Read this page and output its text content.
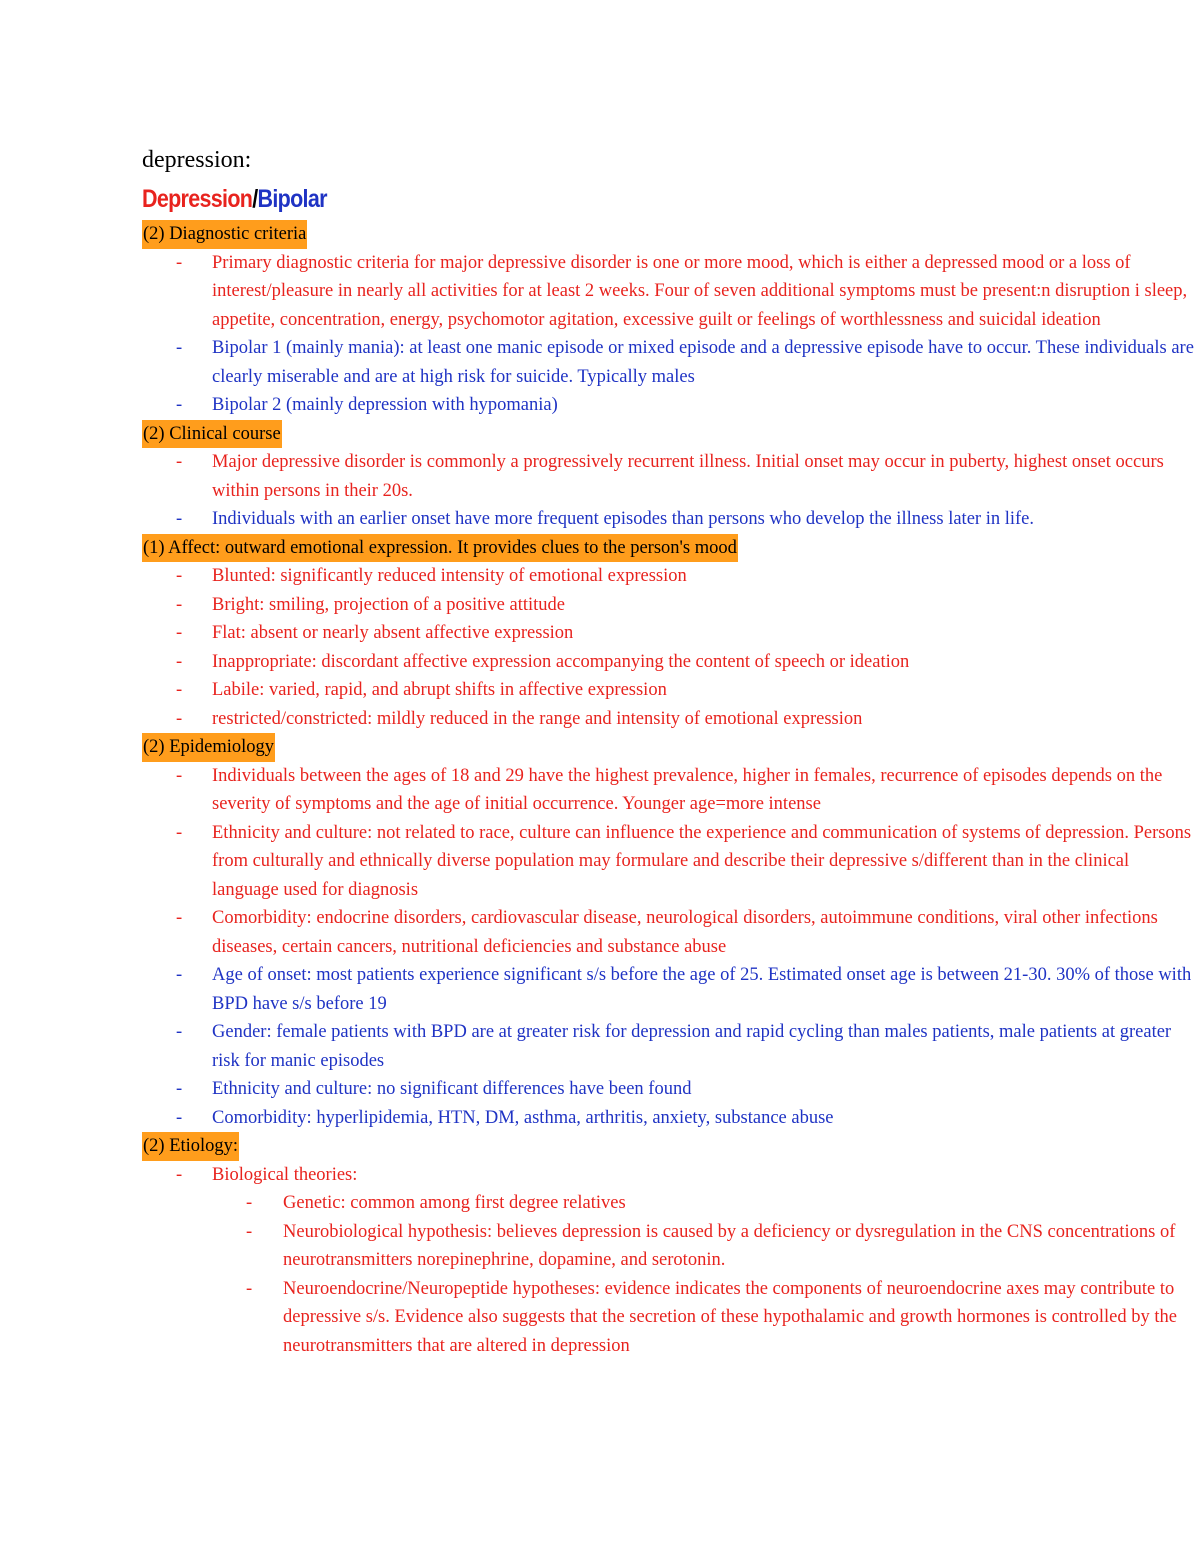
depression:
Depression/Bipolar
(2) Diagnostic criteria
- Primary diagnostic criteria for major depressive disorder is one or more mood, which is either a depressed mood or a loss of interest/pleasure in nearly all activities for at least 2 weeks. Four of seven additional symptoms must be present:n disruption i sleep, appetite, concentration, energy, psychomotor agitation, excessive guilt or feelings of worthlessness and suicidal ideation
- Bipolar 1 (mainly mania): at least one manic episode or mixed episode and a depressive episode have to occur. These individuals are clearly miserable and are at high risk for suicide. Typically males
- Bipolar 2 (mainly depression with hypomania)
(2) Clinical course
- Major depressive disorder is commonly a progressively recurrent illness. Initial onset may occur in puberty, highest onset occurs within persons in their 20s.
- Individuals with an earlier onset have more frequent episodes than persons who develop the illness later in life.
(1) Affect: outward emotional expression. It provides clues to the person's mood
- Blunted: significantly reduced intensity of emotional expression
- Bright: smiling, projection of a positive attitude
- Flat: absent or nearly absent affective expression
- Inappropriate: discordant affective expression accompanying the content of speech or ideation
- Labile: varied, rapid, and abrupt shifts in affective expression
- restricted/constricted: mildly reduced in the range and intensity of emotional expression
(2) Epidemiology
- Individuals between the ages of 18 and 29 have the highest prevalence, higher in females, recurrence of episodes depends on the severity of symptoms and the age of initial occurrence. Younger age=more intense
- Ethnicity and culture: not related to race, culture can influence the experience and communication of systems of depression. Persons from culturally and ethnically diverse population may formulare and describe their depressive s/different than in the clinical language used for diagnosis
- Comorbidity: endocrine disorders, cardiovascular disease, neurological disorders, autoimmune conditions, viral other infections diseases, certain cancers, nutritional deficiencies and substance abuse
- Age of onset: most patients experience significant s/s before the age of 25. Estimated onset age is between 21-30. 30% of those with BPD have s/s before 19
- Gender: female patients with BPD are at greater risk for depression and rapid cycling than males patients, male patients at greater risk for manic episodes
- Ethnicity and culture: no significant differences have been found
- Comorbidity: hyperlipidemia, HTN, DM, asthma, arthritis, anxiety, substance abuse
(2) Etiology:
- Biological theories:
- Genetic: common among first degree relatives
- Neurobiological hypothesis: believes depression is caused by a deficiency or dysregulation in the CNS concentrations of neurotransmitters norepinephrine, dopamine, and serotonin.
- Neuroendocrine/Neuropeptide hypotheses: evidence indicates the components of neuroendocrine axes may contribute to depressive s/s. Evidence also suggests that the secretion of these hypothalamic and growth hormones is controlled by the neurotransmitters that are altered in depression
